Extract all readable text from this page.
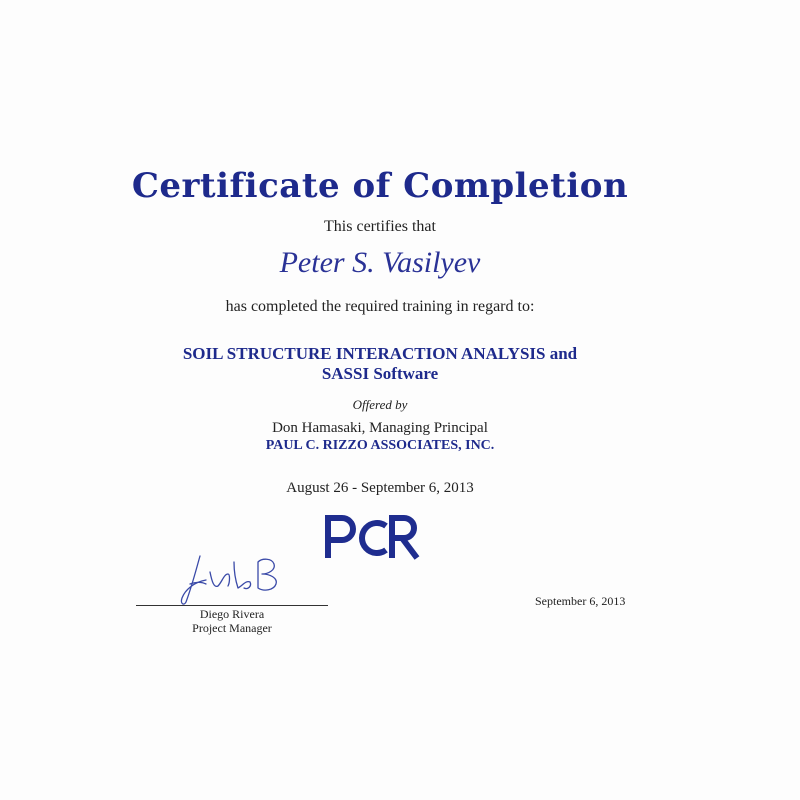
Certificate of Completion
This certifies that
Peter S. Vasilyev
has completed the required training in regard to:
SOIL STRUCTURE INTERACTION ANALYSIS and
SASSI Software
Offered by
Don Hamasaki, Managing Principal
PAUL C. RIZZO ASSOCIATES, INC.
August 26 - September 6, 2013
Diego Rivera
Project Manager
September 6, 2013
